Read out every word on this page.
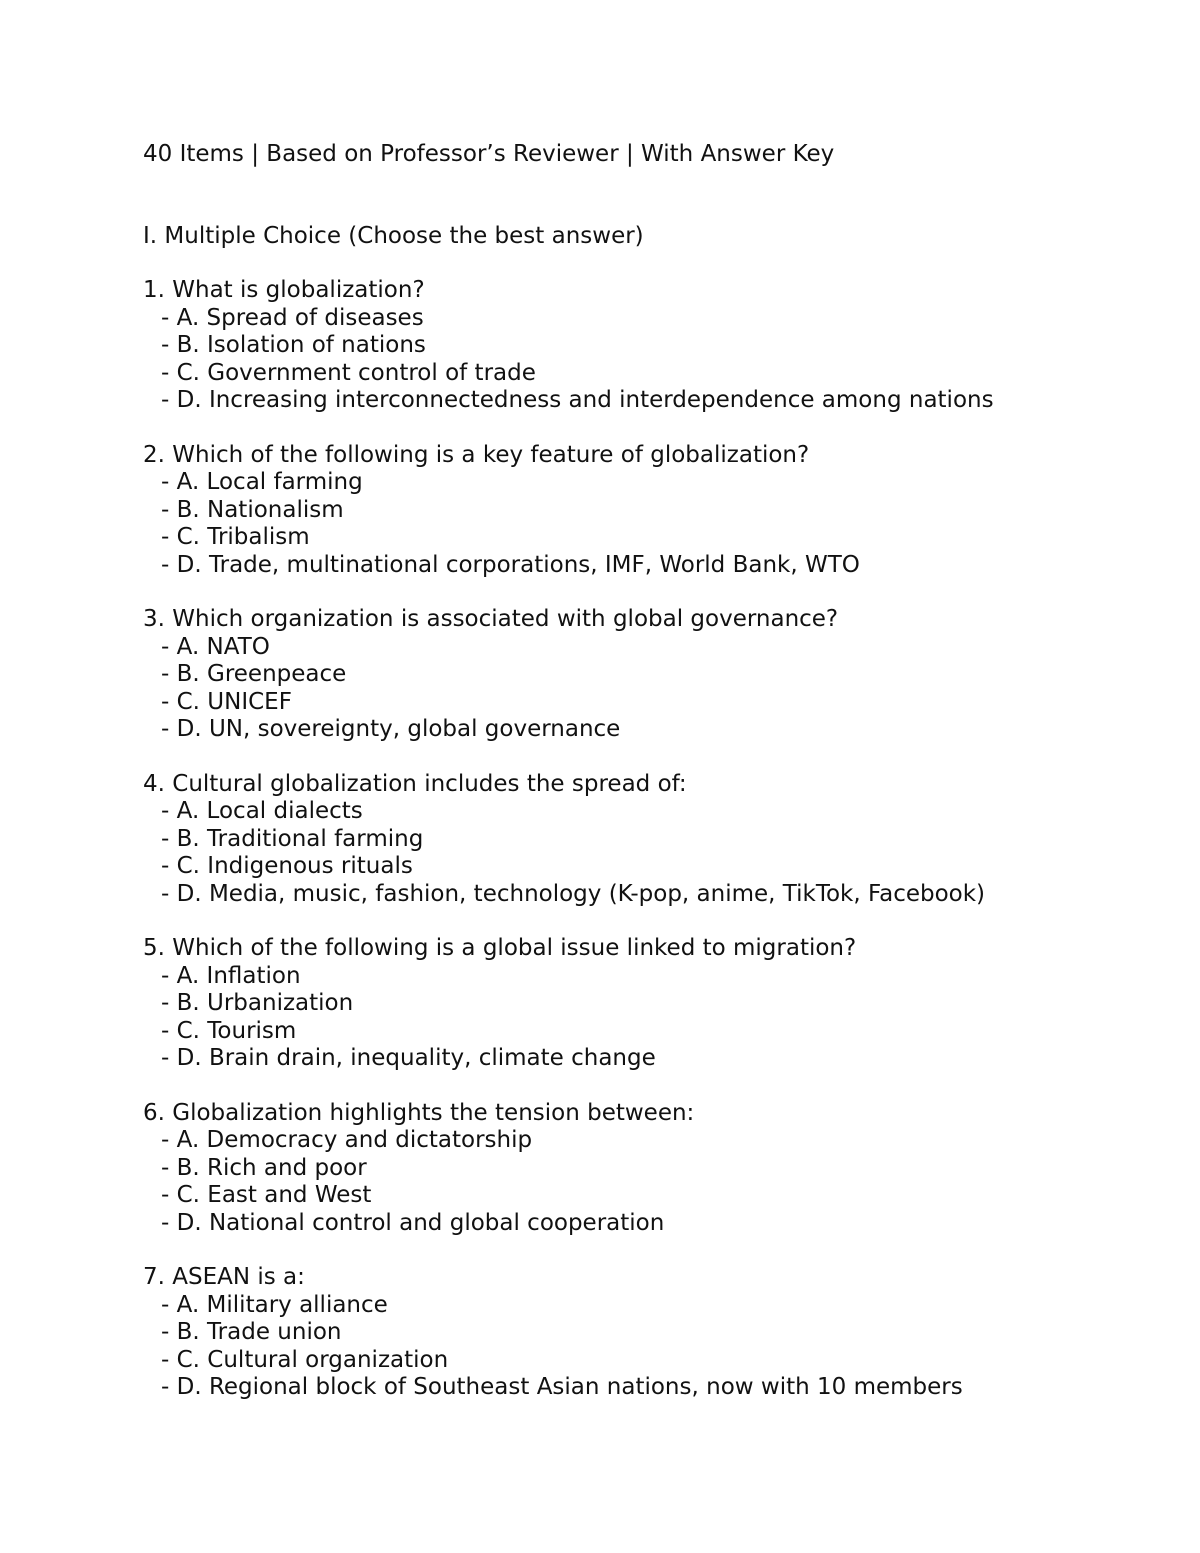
40 Items | Based on Professor’s Reviewer | With Answer Key
I. Multiple Choice (Choose the best answer)
1. What is globalization?
- A. Spread of diseases
- B. Isolation of nations
- C. Government control of trade
- D. Increasing interconnectedness and interdependence among nations
2. Which of the following is a key feature of globalization?
- A. Local farming
- B. Nationalism
- C. Tribalism
- D. Trade, multinational corporations, IMF, World Bank, WTO
3. Which organization is associated with global governance?
- A. NATO
- B. Greenpeace
- C. UNICEF
- D. UN, sovereignty, global governance
4. Cultural globalization includes the spread of:
- A. Local dialects
- B. Traditional farming
- C. Indigenous rituals
- D. Media, music, fashion, technology (K-pop, anime, TikTok, Facebook)
5. Which of the following is a global issue linked to migration?
- A. Inflation
- B. Urbanization
- C. Tourism
- D. Brain drain, inequality, climate change
6. Globalization highlights the tension between:
- A. Democracy and dictatorship
- B. Rich and poor
- C. East and West
- D. National control and global cooperation
7. ASEAN is a:
- A. Military alliance
- B. Trade union
- C. Cultural organization
- D. Regional block of Southeast Asian nations, now with 10 members
